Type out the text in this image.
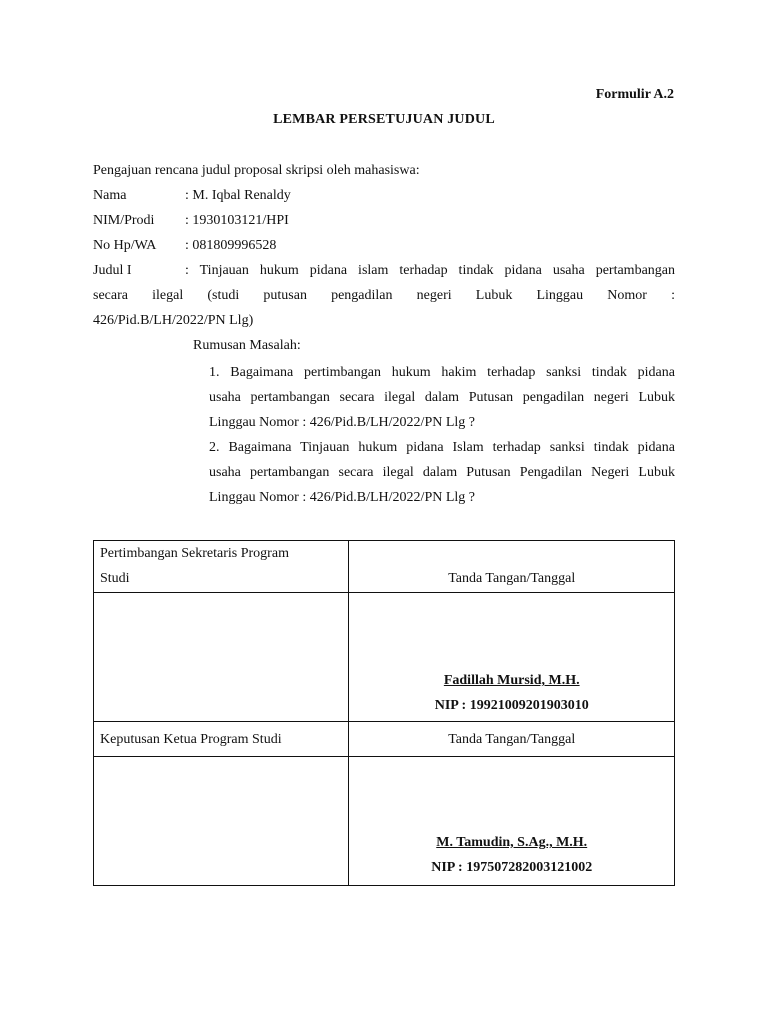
Formulir A.2
LEMBAR PERSETUJUAN JUDUL
Pengajuan rencana judul proposal skripsi oleh mahasiswa:
Nama	: M. Iqbal Renaldy
NIM/Prodi : 1930103121/HPI
No Hp/WA : 081809996528
Judul I	: Tinjauan hukum pidana islam terhadap tindak pidana usaha pertambangan
secara ilegal (studi putusan pengadilan negeri Lubuk Linggau Nomor :
426/Pid.B/LH/2022/PN Llg)
Rumusan Masalah:
1. Bagaimana pertimbangan hukum hakim terhadap sanksi tindak pidana
usaha pertambangan secara ilegal dalam Putusan pengadilan negeri Lubuk
Linggau Nomor : 426/Pid.B/LH/2022/PN Llg ?
2. Bagaimana Tinjauan hukum pidana Islam terhadap sanksi tindak pidana
usaha pertambangan secara ilegal dalam Putusan Pengadilan Negeri Lubuk
Linggau Nomor : 426/Pid.B/LH/2022/PN Llg ?
Pertimbangan Sekretaris Program
Studi	Tanda Tangan/Tanggal

	Fadillah Mursid, M.H.
NIP : 19921009201903010

Keputusan Ketua Program Studi	Tanda Tangan/Tanggal

	M. Tamudin, S.Ag., M.H.
NIP : 197507282003121002
